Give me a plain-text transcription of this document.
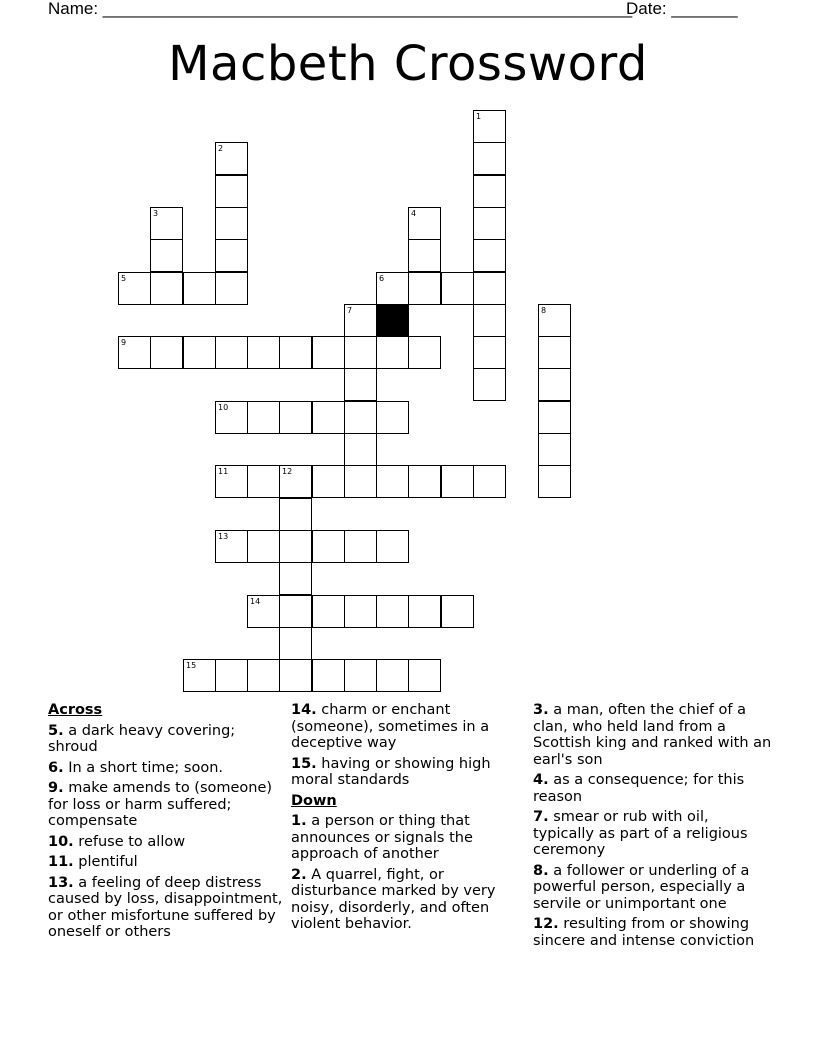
Name: ________________________________________________________
Date: _______
Macbeth Crossword
1
2
3	4
5	6
7	8
9
10
11	12
13
14
15
Across
5. a dark heavy covering; shroud
6. In a short time; soon.
9. make amends to (someone) for loss or harm suffered; compensate
10. refuse to allow
11. plentiful
13. a feeling of deep distress caused by loss, disappointment, or other misfortune suffered by oneself or others
14. charm or enchant (someone), sometimes in a deceptive way
15. having or showing high moral standards
Down
1. a person or thing that announces or signals the approach of another
2. A quarrel, fight, or disturbance marked by very noisy, disorderly, and often violent behavior.
3. a man, often the chief of a clan, who held land from a Scottish king and ranked with an earl's son
4. as a consequence; for this reason
7. smear or rub with oil, typically as part of a religious ceremony
8. a follower or underling of a powerful person, especially a servile or unimportant one
12. resulting from or showing sincere and intense conviction
